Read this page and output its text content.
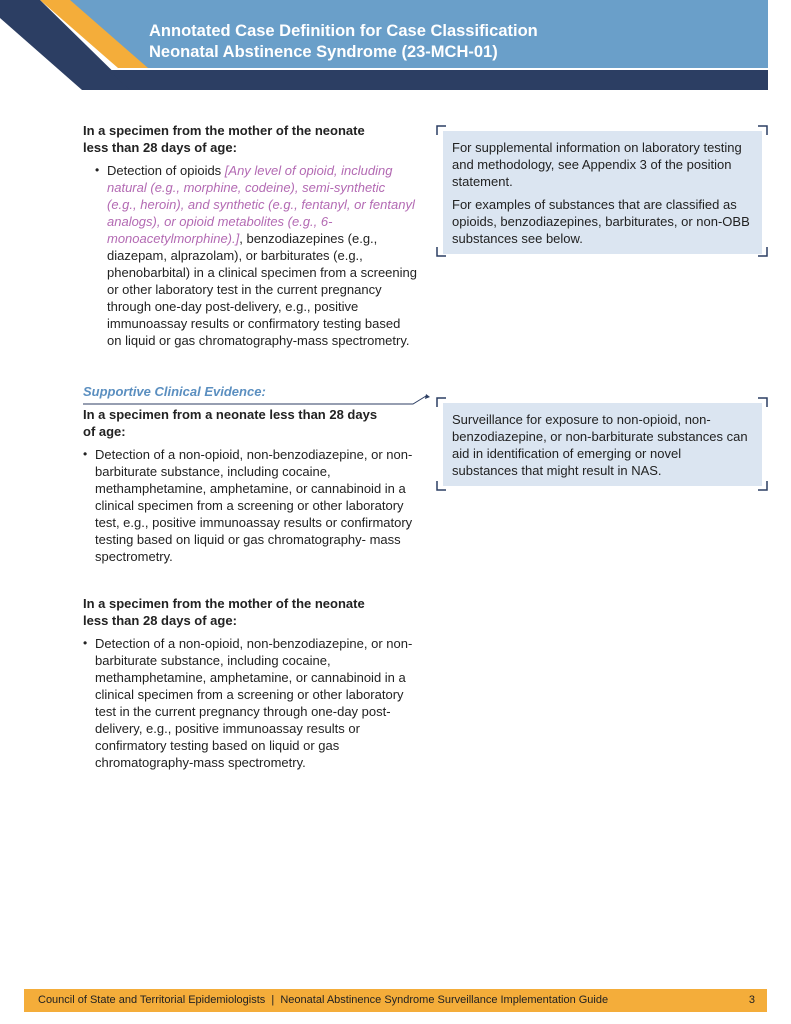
Annotated Case Definition for Case Classification
Neonatal Abstinence Syndrome (23-MCH-01)

In a specimen from the mother of the neonate
less than 28 days of age:

• Detection of opioids [Any level of opioid, including natural (e.g., morphine, codeine), semi-synthetic (e.g., heroin), and synthetic (e.g., fentanyl, or fentanyl analogs), or opioid metabolites (e.g., 6-monoacetylmorphine).], benzodiazepines (e.g., diazepam, alprazolam), or barbiturates (e.g., phenobarbital) in a clinical specimen from a screening or other laboratory test in the current pregnancy through one-day post-delivery, e.g., positive immunoassay results or confirmatory testing based on liquid or gas chromatography-mass spectrometry.

Supportive Clinical Evidence:

In a specimen from a neonate less than 28 days
of age:

• Detection of a non-opioid, non-benzodiazepine, or non-barbiturate substance, including cocaine, methamphetamine, amphetamine, or cannabinoid in a clinical specimen from a screening or other laboratory test, e.g., positive immunoassay results or confirmatory testing based on liquid or gas chromatography- mass spectrometry.

In a specimen from the mother of the neonate
less than 28 days of age:

• Detection of a non-opioid, non-benzodiazepine, or non-barbiturate substance, including cocaine, methamphetamine, amphetamine, or cannabinoid in a clinical specimen from a screening or other laboratory test in the current pregnancy through one-day post-delivery, e.g., positive immunoassay results or confirmatory testing based on liquid or gas chromatography-mass spectrometry.

For supplemental information on laboratory testing and methodology, see Appendix 3 of the position statement.

For examples of substances that are classified as opioids, benzodiazepines, barbiturates, or non-OBB substances see below.

Surveillance for exposure to non-opioid, non-benzodiazepine, or non-barbiturate substances can aid in identification of emerging or novel substances that might result in NAS.

Council of State and Territorial Epidemiologists | Neonatal Abstinence Syndrome Surveillance Implementation Guide	3
